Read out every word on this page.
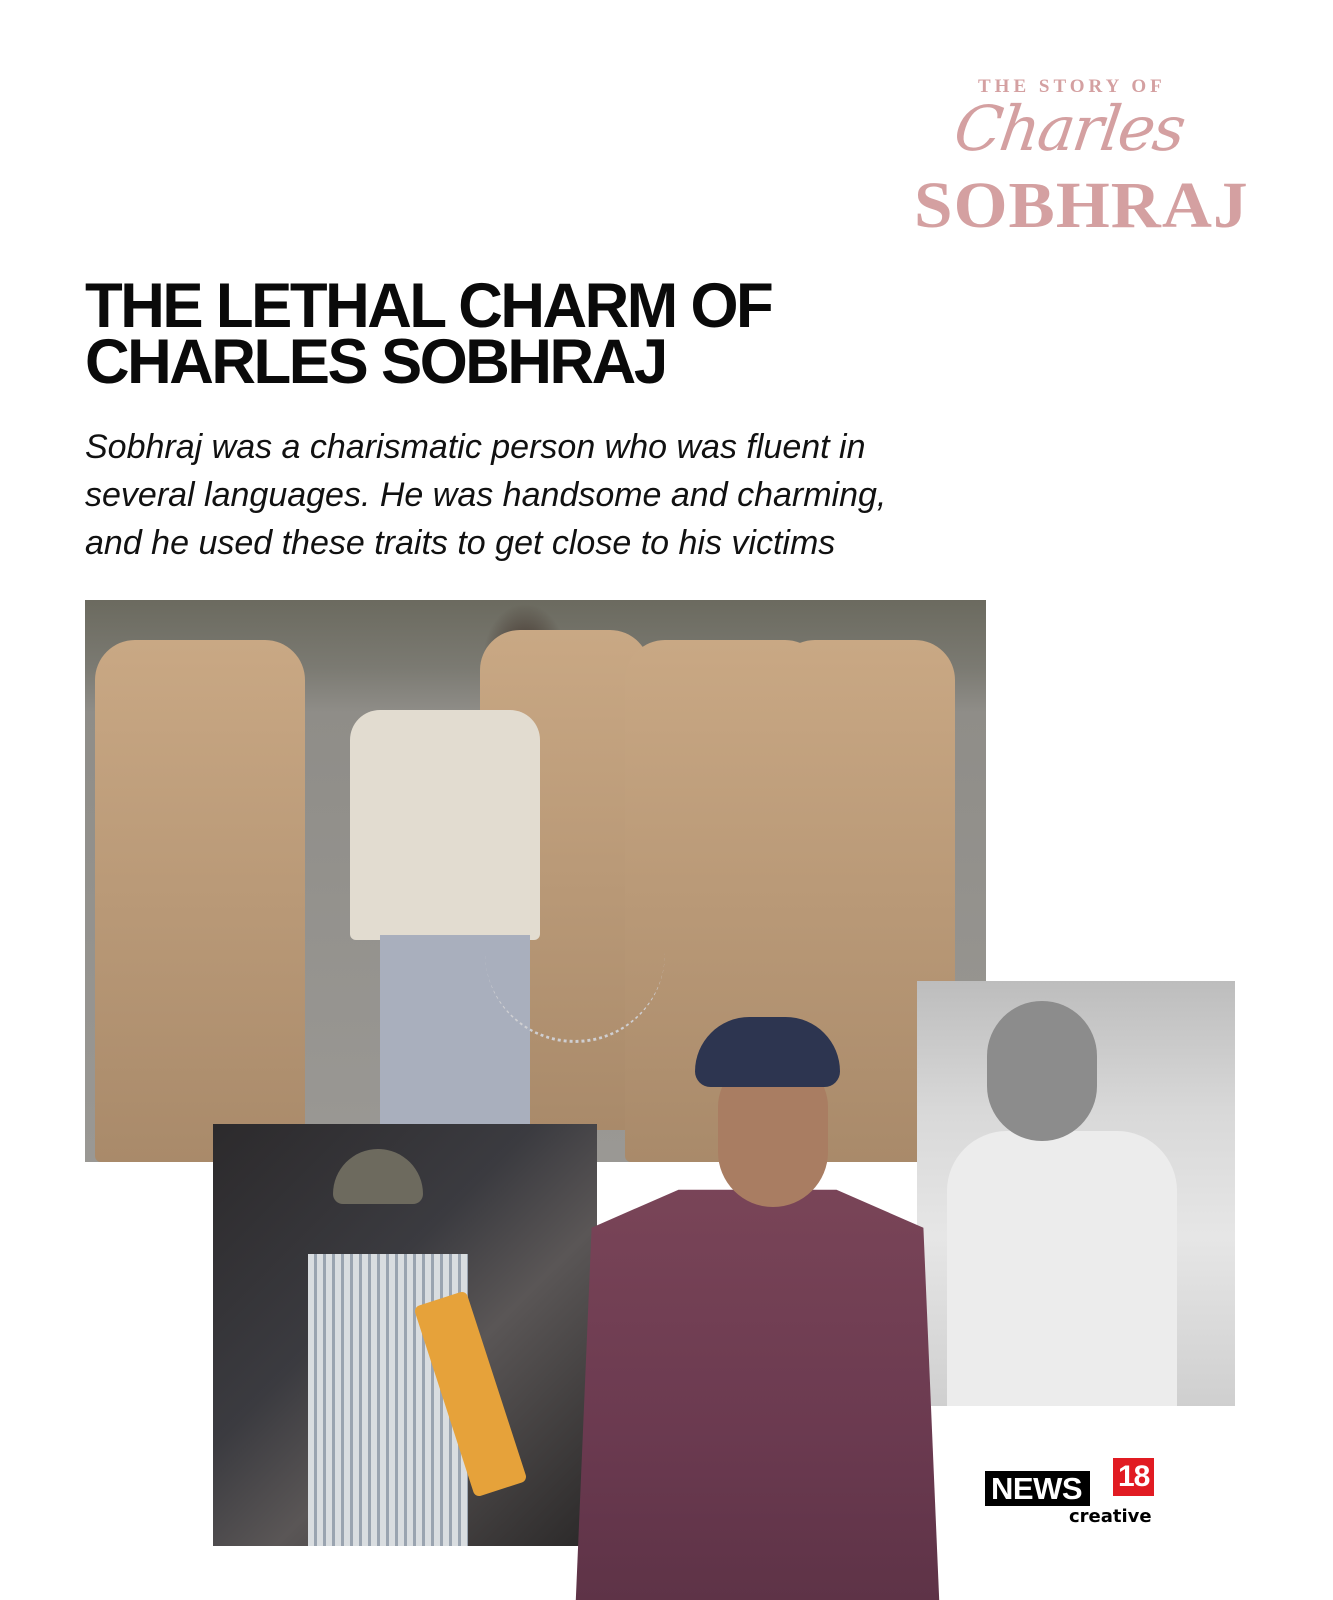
THE STORY OF
Charles
SOBHRAJ
THE LETHAL CHARM OF
CHARLES SOBHRAJ
Sobhraj was a charismatic person who was fluent in
several languages. He was handsome and charming,
and he used these traits to get close to his victims
NEWS 18
creative
